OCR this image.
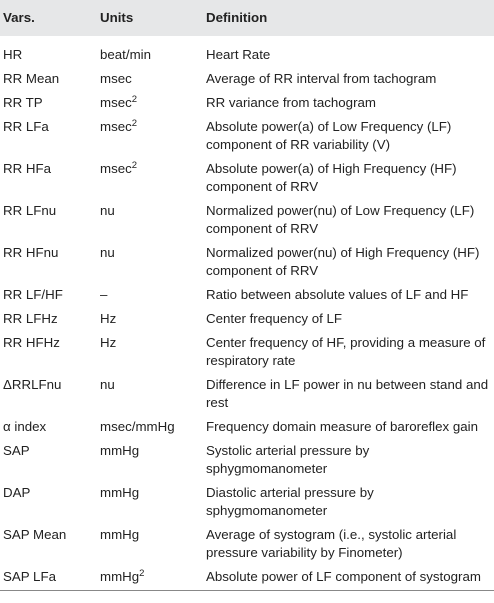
Vars.	Units	Definition
HR	beat/min	Heart Rate
RR Mean	msec	Average of RR interval from tachogram
RR TP	msec$^2$	RR variance from tachogram
RR LFa	msec$^2$	Absolute power(a) of Low Frequency (LF) component of RR variability (V)
RR HFa	msec$^2$	Absolute power(a) of High Frequency (HF) component of RRV
RR LFnu	nu	Normalized power(nu) of Low Frequency (LF) component of RRV
RR HFnu	nu	Normalized power(nu) of High Frequency (HF) component of RRV
RR LF/HF	–	Ratio between absolute values of LF and HF
RR LFHz	Hz	Center frequency of LF
RR HFHz	Hz	Center frequency of HF, providing a measure of respiratory rate
ΔRRLFnu	nu	Difference in LF power in nu between stand and rest
α index	msec/mmHg	Frequency domain measure of baroreflex gain
SAP	mmHg	Systolic arterial pressure by sphygmomanometer
DAP	mmHg	Diastolic arterial pressure by sphygmomanometer
SAP Mean	mmHg	Average of systogram (i.e., systolic arterial pressure variability by Finometer)
SAP LFa	mmHg$^2$	Absolute power of LF component of systogram
